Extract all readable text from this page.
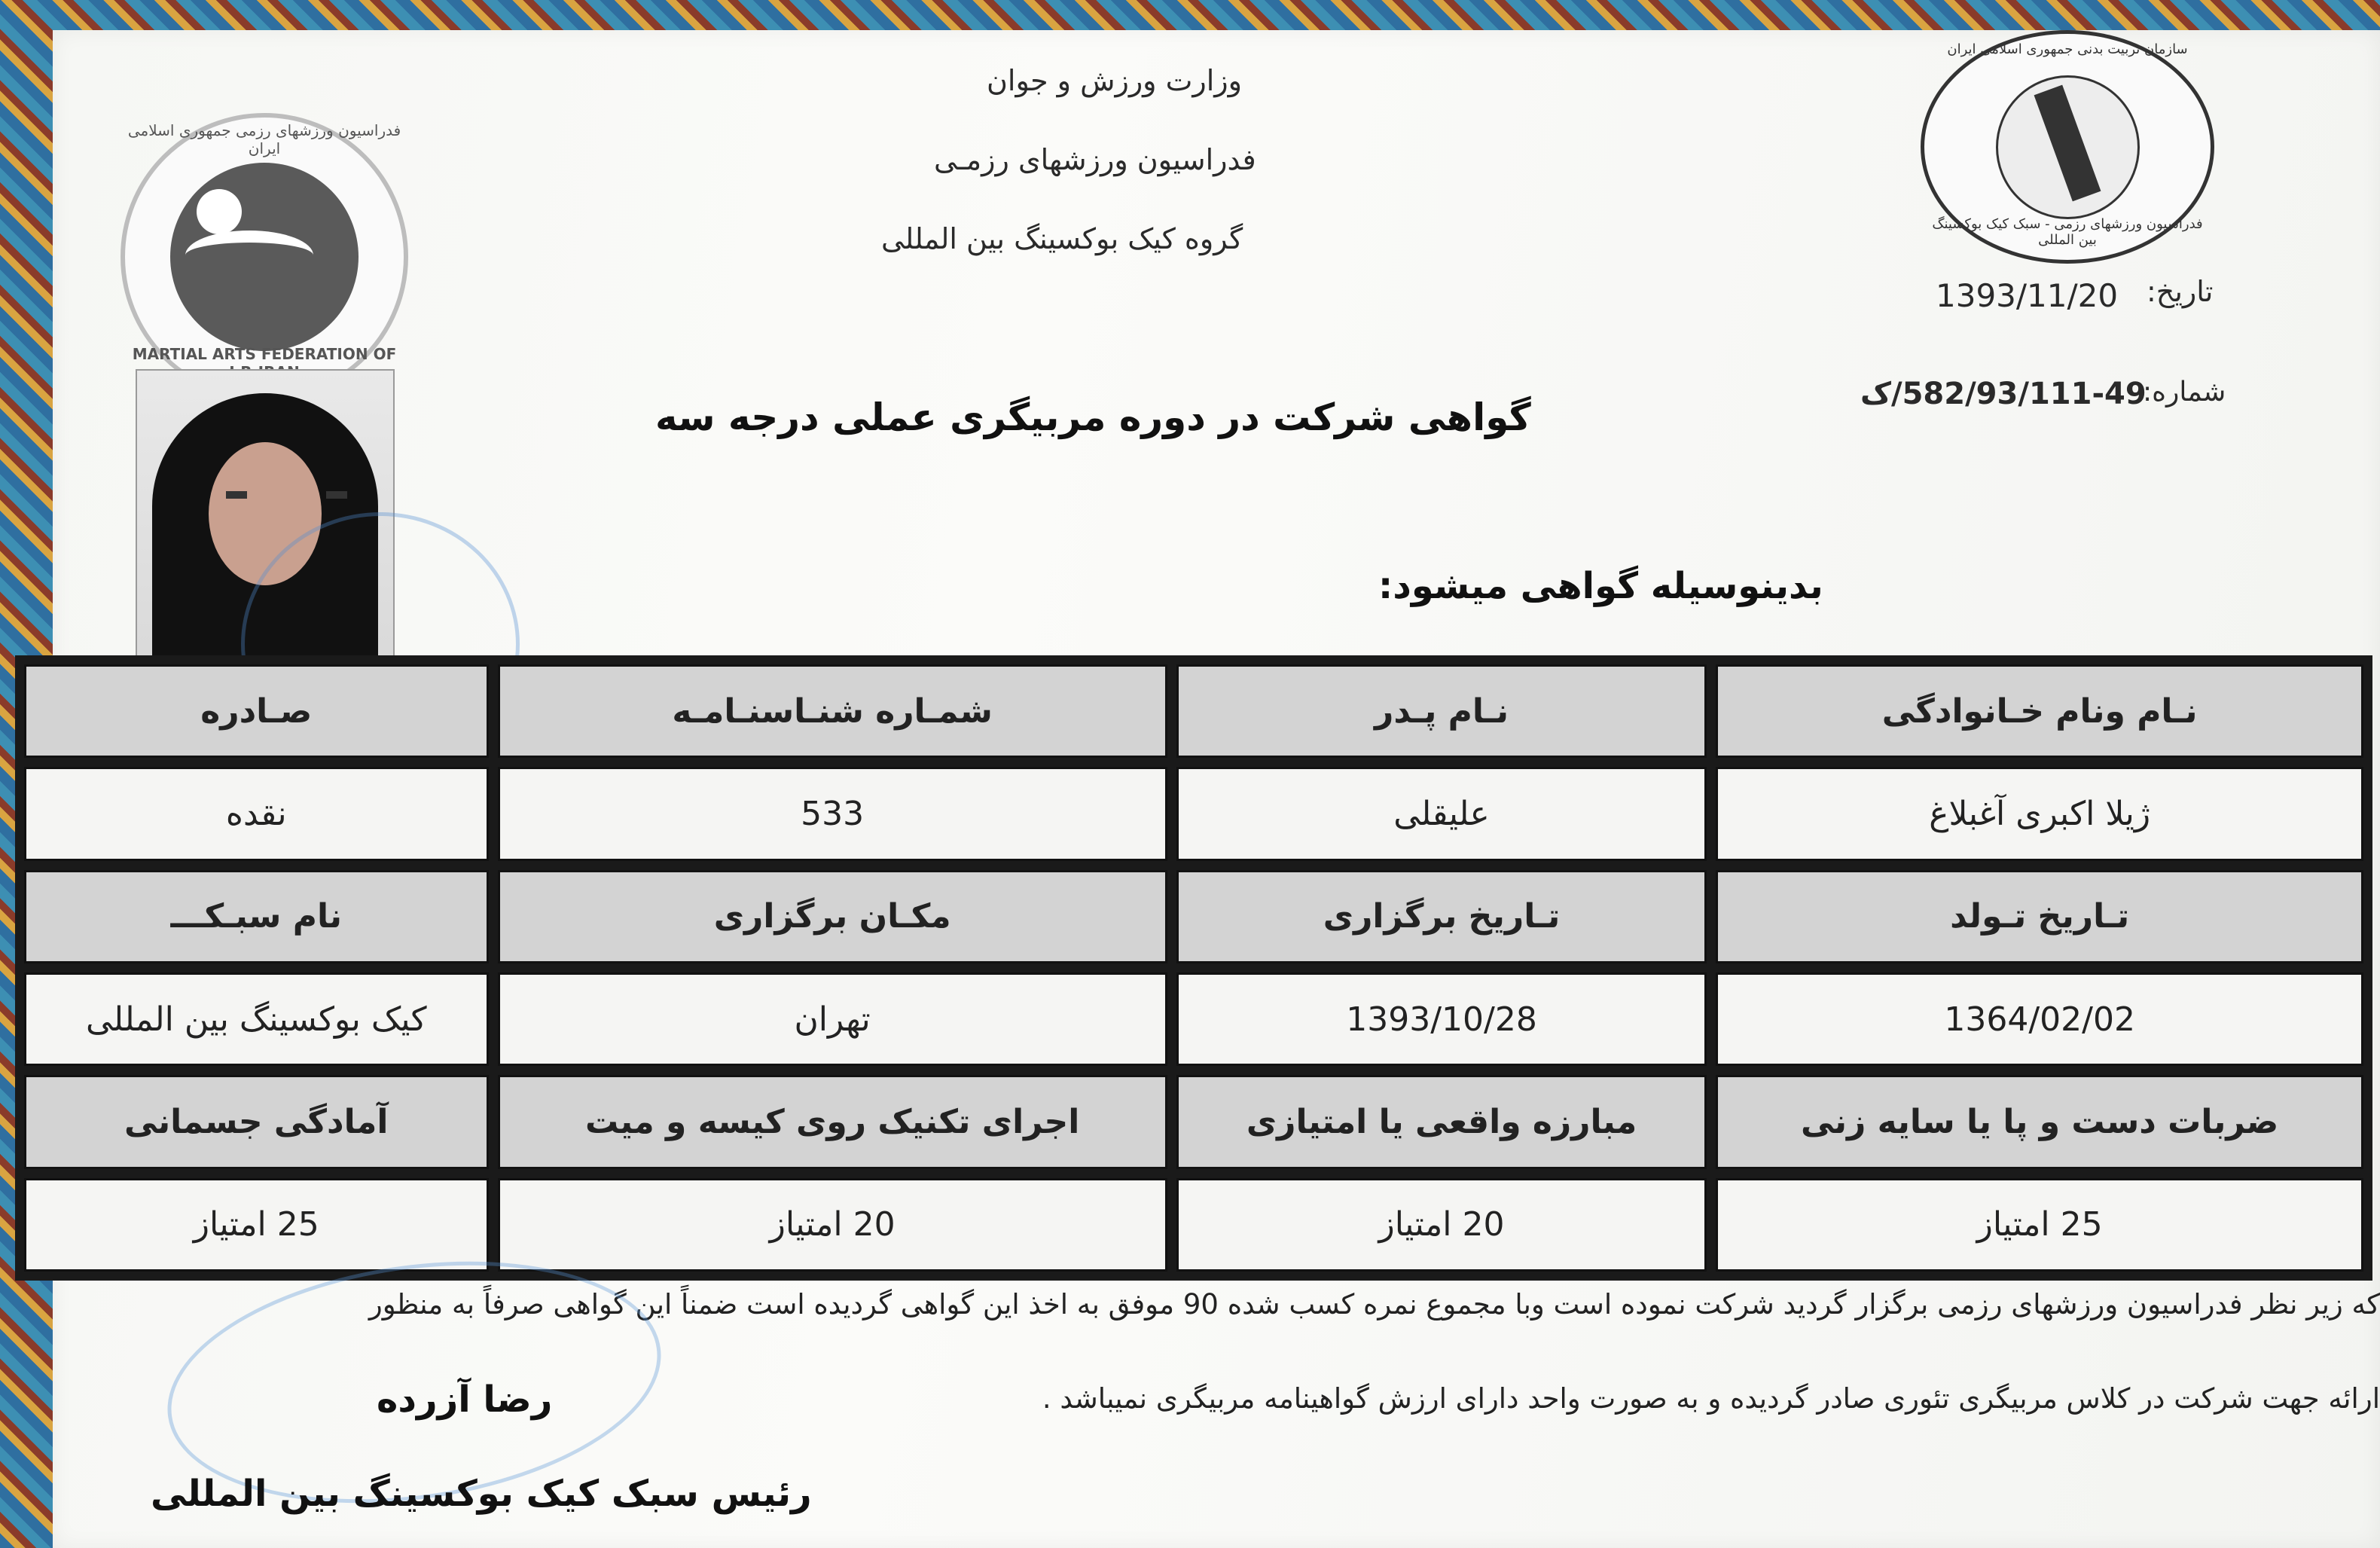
وزارت ورزش و جوان
فدراسیون ورزشهای رزمـی
گروه کیک بوکسینگ بین المللی
فدراسیون ورزشهای رزمی جمهوری اسلامی ایران
MARTIAL ARTS FEDERATION OF
سازمان تربیت بدنی جمهوری اسلامی ایران
فدراسیون ورزشهای رزمی - سبک کیک بوکسینگ بین المللی
تاریخ:
1393/11/20
شماره:
582/93/111-49/ک
گواهی شرکت در دوره مربیگری عملی درجه سه
بدینوسیله گواهی میشود:
نـام ونام خـانوادگی	نـام پـدر	شمـاره شنـاسنـامـه	صـادره
ژیلا اکبری آغبلاغ	علیقلی	533	نقده
تـاریخ تـولد	تـاریخ برگزاری	مکـان برگزاری	نام سبـکـــ
1364/02/02	1393/10/28	تهران	کیک بوکسینگ بین المللی
ضربات دست و پا یا سایه زنی	مبارزه واقعی یا امتیازی	اجرای تکنیک روی کیسه و میت	آمادگی جسمانی
25 امتیاز	20 امتیاز	20 امتیاز	25 امتیاز
که زیر نظر فدراسیون ورزشهای رزمی برگزار گردید شرکت نموده است وبا مجموع نمره کسب شده 90 موفق به اخذ این گواهی گردیده است ضمناً این گواهی صرفاً به منظور
ارائه جهت شرکت در کلاس مربیگری تئوری صادر گردیده و به صورت واحد دارای ارزش گواهینامه مربیگری نمیباشد .
رضا آزرده
رئیس سبک کیک بوکسینگ بین المللی
